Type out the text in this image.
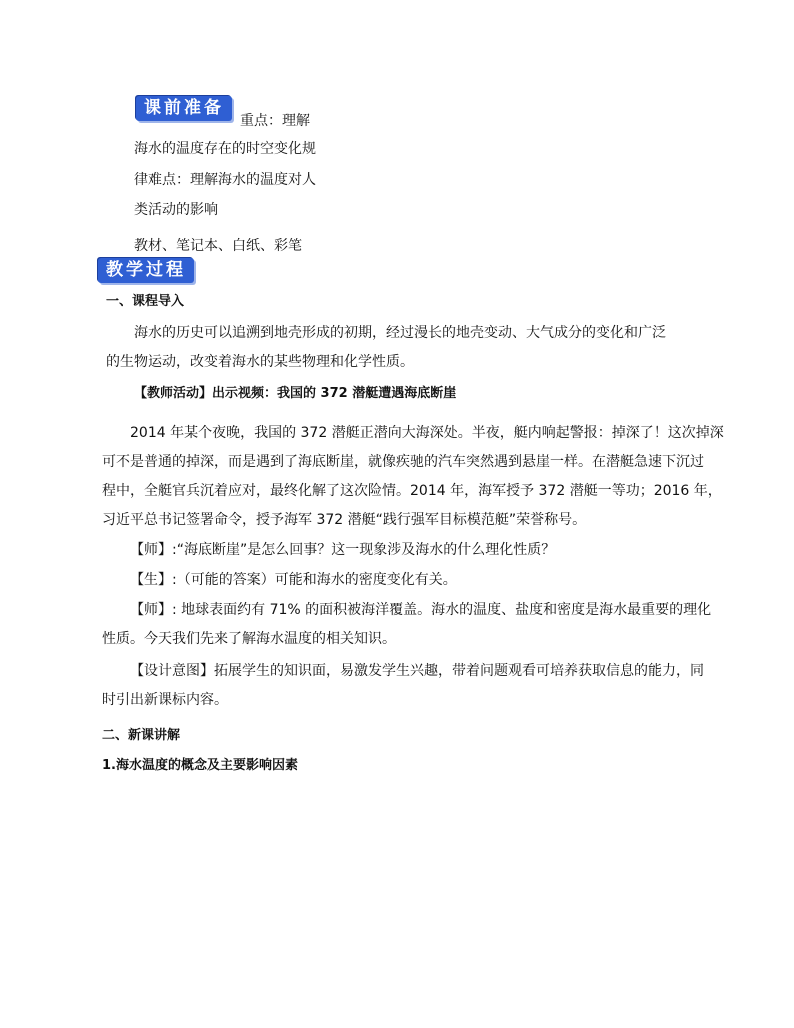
课前准备
重点：理解
海水的温度存在的时空变化规
律难点：理解海水的温度对人
类活动的影响
教材、笔记本、白纸、彩笔
教学过程
一、课程导入
海水的历史可以追溯到地壳形成的初期，经过漫长的地壳变动、大气成分的变化和广泛
的生物运动，改变着海水的某些物理和化学性质。
【教师活动】出示视频：我国的 372 潜艇遭遇海底断崖
2014 年某个夜晚，我国的 372 潜艇正潜向大海深处。半夜，艇内响起警报：掉深了！这次掉深
可不是普通的掉深，而是遇到了海底断崖，就像疾驰的汽车突然遇到悬崖一样。在潜艇急速下沉过
程中，全艇官兵沉着应对，最终化解了这次险情。2014 年，海军授予 372 潜艇一等功；2016 年，
习近平总书记签署命令，授予海军 372 潜艇“践行强军目标模范艇”荣誉称号。
【师】:“海底断崖”是怎么回事？这一现象涉及海水的什么理化性质？
【生】:（可能的答案）可能和海水的密度变化有关。
【师】: 地球表面约有 71% 的面积被海洋覆盖。海水的温度、盐度和密度是海水最重要的理化
性质。今天我们先来了解海水温度的相关知识。
【设计意图】拓展学生的知识面，易激发学生兴趣，带着问题观看可培养获取信息的能力，同
时引出新课标内容。
二、新课讲解
1.海水温度的概念及主要影响因素
